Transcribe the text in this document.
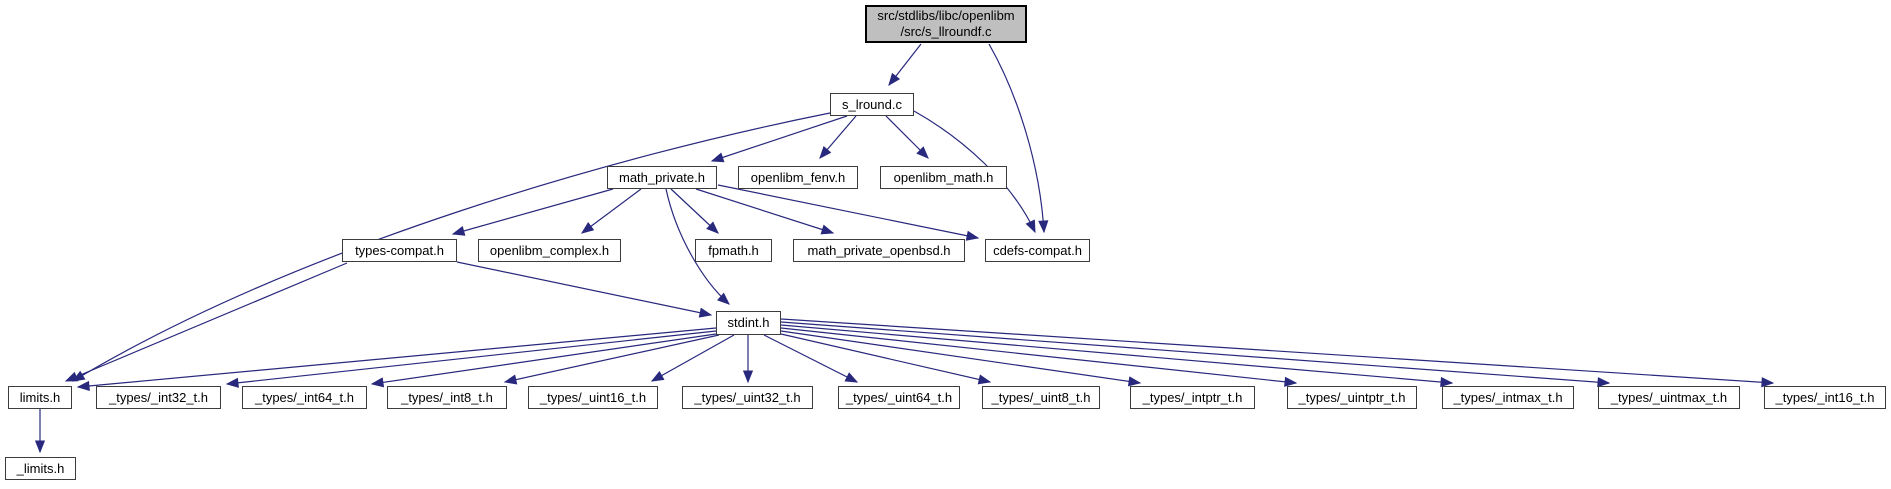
src/stdlibs/libc/openlibm
/src/s_llroundf.c
s_lround.c
math_private.h	openlibm_fenv.h	openlibm_math.h
types-compat.h	openlibm_complex.h	fpmath.h	math_private_openbsd.h	cdefs-compat.h
stdint.h
limits.h	_types/_int32_t.h	_types/_int64_t.h	_types/_int8_t.h	_types/_uint16_t.h	_types/_uint32_t.h	_types/_uint64_t.h	_types/_uint8_t.h	_types/_intptr_t.h	_types/_uintptr_t.h	_types/_intmax_t.h	_types/_uintmax_t.h	_types/_int16_t.h
_limits.h
